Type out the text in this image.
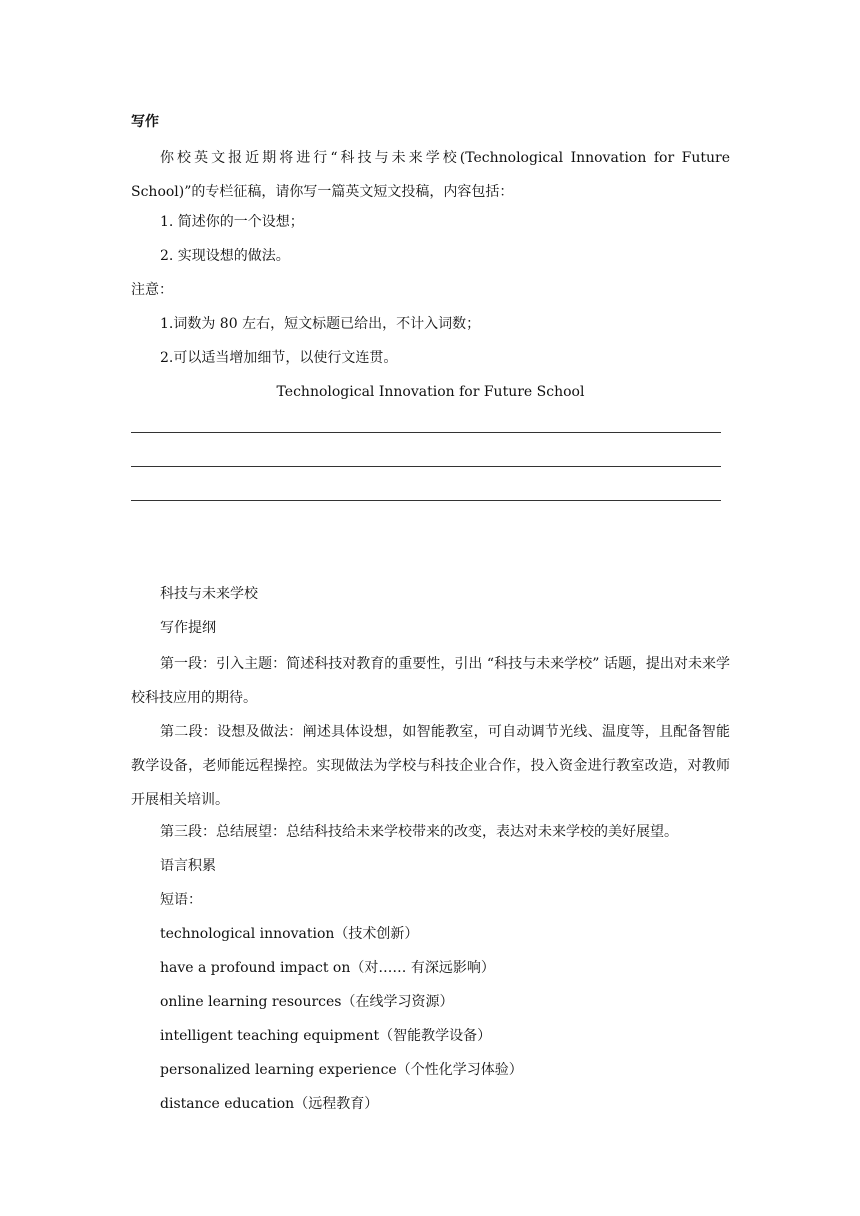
写作
你校英文报近期将进行“科技与未来学校(Technological Innovation for Future School)”的专栏征稿，请你写一篇英文短文投稿，内容包括：
1. 简述你的一个设想；
2. 实现设想的做法。
注意：
1.词数为 80 左右，短文标题已给出，不计入词数；
2.可以适当增加细节，以使行文连贯。
Technological Innovation for Future School
科技与未来学校
写作提纲
第一段：引入主题：简述科技对教育的重要性，引出 “科技与未来学校” 话题，提出对未来学校科技应用的期待。
第二段：设想及做法：阐述具体设想，如智能教室，可自动调节光线、温度等，且配备智能教学设备，老师能远程操控。实现做法为学校与科技企业合作，投入资金进行教室改造，对教师开展相关培训。
第三段：总结展望：总结科技给未来学校带来的改变，表达对未来学校的美好展望。
语言积累
短语：
technological innovation（技术创新）
have a profound impact on（对…… 有深远影响）
online learning resources（在线学习资源）
intelligent teaching equipment（智能教学设备）
personalized learning experience（个性化学习体验）
distance education（远程教育）
